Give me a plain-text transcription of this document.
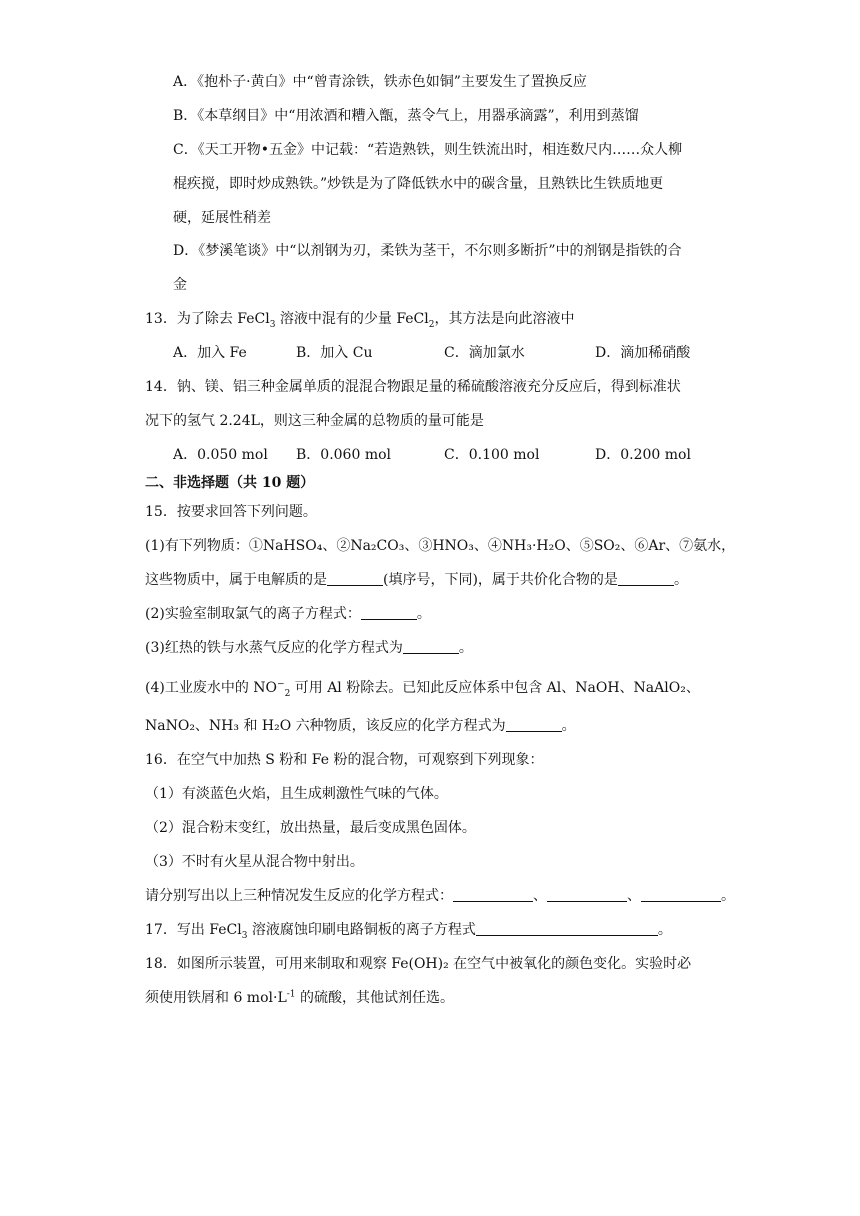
A．《抱朴子·黄白》中“曾青涂铁，铁赤色如铜”主要发生了置换反应
B．《本草纲目》中“用浓酒和糟入甑，蒸令气上，用器承滴露”，利用到蒸馏
C．《天工开物•五金》中记载：“若造熟铁，则生铁流出时，相连数尺内……众人柳
棍疾搅，即时炒成熟铁。”炒铁是为了降低铁水中的碳含量，且熟铁比生铁质地更
硬，延展性稍差
D．《梦溪笔谈》中“以剂钢为刃，柔铁为茎干，不尔则多断折”中的剂钢是指铁的合
金
13．为了除去 FeCl$_3$ 溶液中混有的少量 FeCl$_2$，其方法是向此溶液中
A．加入 Fe	B．加入 Cu	C．滴加氯水	D．滴加稀硝酸
14．钠、镁、铝三种金属单质的混混合物跟足量的稀硫酸溶液充分反应后，得到标准状
况下的氢气 2.24L，则这三种金属的总物质的量可能是
A．0.050 mol B．0.060 mol	C．0.100 mol	D．0.200 mol
二、非选择题（共 10 题）
15．按要求回答下列问题。
(1)有下列物质：①NaHSO₄、②Na₂CO₃、③HNO₃、④NH₃·H₂O、⑤SO₂、⑥Ar、⑦氨水，
这些物质中，属于电解质的是	(填序号，下同)，属于共价化合物的是	。
(2)实验室制取氯气的离子方程式：	。
(3)红热的铁与水蒸气反应的化学方程式为	。
(4)工业废水中的 $NO^-_2$ 可用 Al 粉除去。已知此反应体系中包含 Al、NaOH、NaAlO₂、
NaNO₂、NH₃ 和 H₂O 六种物质，该反应的化学方程式为	。
16．在空气中加热 S 粉和 Fe 粉的混合物，可观察到下列现象：
（1）有淡蓝色火焰，且生成刺激性气味的气体。
（2）混合粉末变红，放出热量，最后变成黑色固体。
（3）不时有火星从混合物中射出。
请分别写出以上三种情况发生反应的化学方程式：	、	、	。
17．写出 FeCl$_3$ 溶液腐蚀印刷电路铜板的离子方程式	。
18．如图所示装置，可用来制取和观察 Fe(OH)₂ 在空气中被氧化的颜色变化。实验时必
须使用铁屑和 6 $mol\cdot L^{-1}$ 的硫酸，其他试剂任选。
